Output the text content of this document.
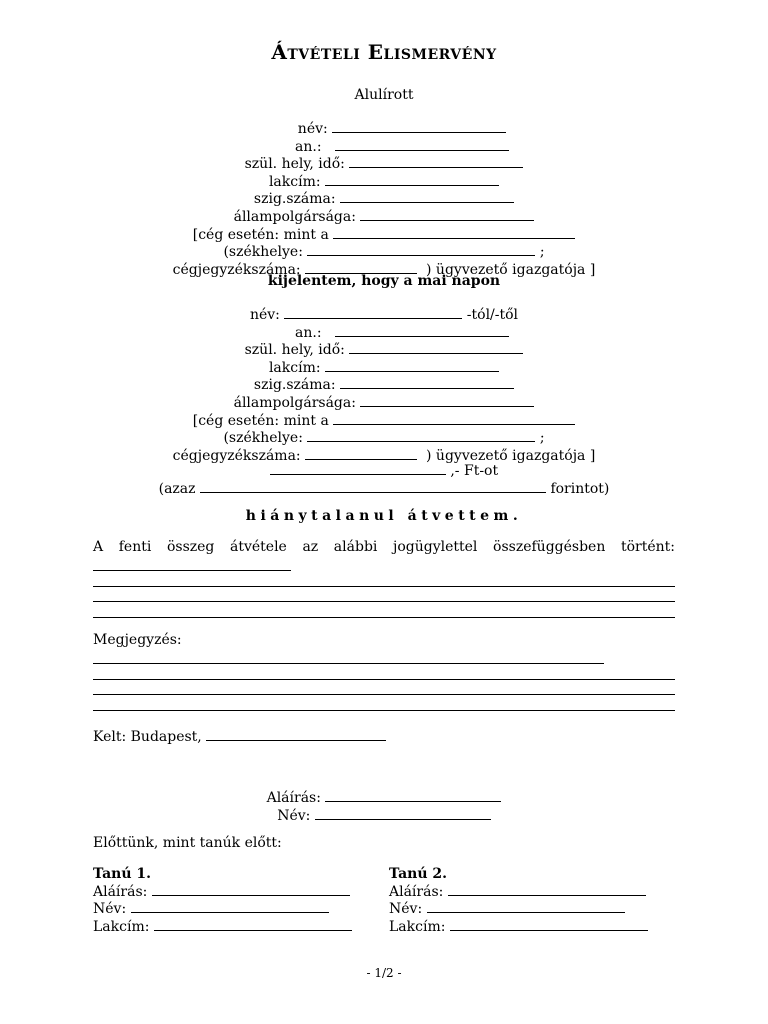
Átvételi Elismervény
Alulírott
név:
an.:
szül. hely, idő:
lakcím:
szig.száma:
állampolgársága:
[cég esetén: mint a
(székhelye:	;
cégjegyzékszáma:	) ügyvezető igazgatója ]
kijelentem, hogy a mai napon
név:	-tól/-től
an.:
szül. hely, idő:
lakcím:
szig.száma:
állampolgársága:
[cég esetén: mint a
(székhelye:	;
cégjegyzékszáma:	) ügyvezető igazgatója ]
,- Ft-ot
(azaz	forintot)
hiánytalanul átvettem.
A fenti összeg átvétele az alábbi jogügylettel összefüggésben történt:
Megjegyzés:
Kelt: Budapest,
Aláírás:
Név:
Előttünk, mint tanúk előtt:
Tanú 1.
Aláírás:
Név:
Lakcím:
Tanú 2.
Aláírás:
Név:
Lakcím:
- 1/2 -
